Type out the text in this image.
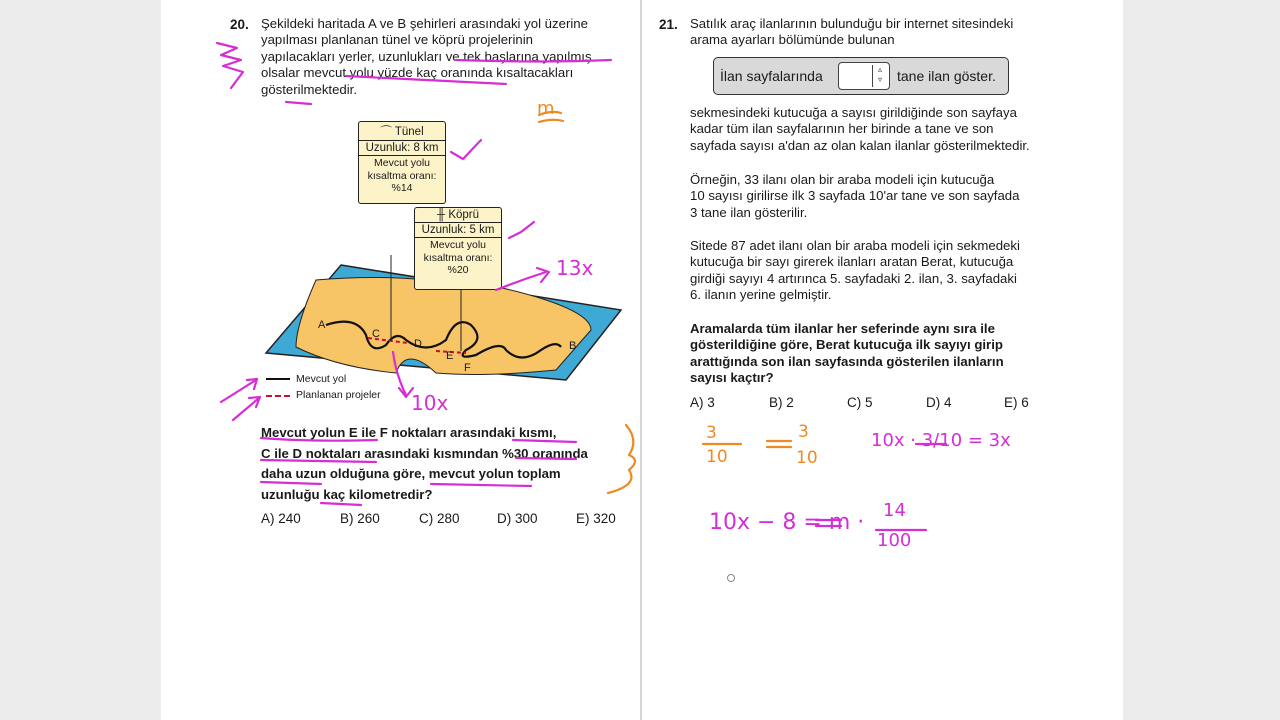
20. Şekildeki haritada A ve B şehirleri arasındaki yol üzerine
yapılması planlanan tünel ve köprü projelerinin
yapılacakları yerler, uzunlukları ve tek başlarına yapılmış
olsalar mevcut yolu yüzde kaç oranında kısaltacakları
gösterilmektedir.
A
B
C
D
E
F
⌒ Tünel
Uzunluk: 8 km
Mevcut yolu
kısaltma oranı:
%14
╫ Köprü
Uzunluk: 5 km
Mevcut yolu
kısaltma oranı:
%20
Mevcut yol
Planlanan projeler
Mevcut yolun E ile F noktaları arasındaki kısmı,
C ile D noktaları arasındaki kısmından %30 oranında
daha uzun olduğuna göre, mevcut yolun toplam
uzunluğu kaç kilometredir?
A) 240	B) 260	C) 280	D) 300	E) 320
21. Satılık araç ilanlarının bulunduğu bir internet sitesindeki
arama ayarları bölümünde bulunan
İlan sayfalarında	▵
▿	tane ilan göster.
sekmesindeki kutucuğa a sayısı girildiğinde son sayfaya
kadar tüm ilan sayfalarının her birinde a tane ve son
sayfada sayısı a'dan az olan kalan ilanlar gösterilmektedir.
Örneğin, 33 ilanı olan bir araba modeli için kutucuğa
10 sayısı girilirse ilk 3 sayfada 10'ar tane ve son sayfada
3 tane ilan gösterilir.
Sitede 87 adet ilanı olan bir araba modeli için sekmedeki
kutucuğa bir sayı girerek ilanları aratan Berat, kutucuğa
girdiği sayıyı 4 artırınca 5. sayfadaki 2. ilan, 3. sayfadaki
6. ilanın yerine gelmiştir.
Aramalarda tüm ilanlar her seferinde aynı sıra ile
gösterildiğine göre, Berat kutucuğa ilk sayıyı girip
arattığında son ilan sayfasında gösterilen ilanların
sayısı kaçtır?
A) 3	B) 2	C) 5	D) 4	E) 6
m
13x
10x
3
10
3
10
10x · 3/10 = 3x
10x − 8 = m · 14
100
